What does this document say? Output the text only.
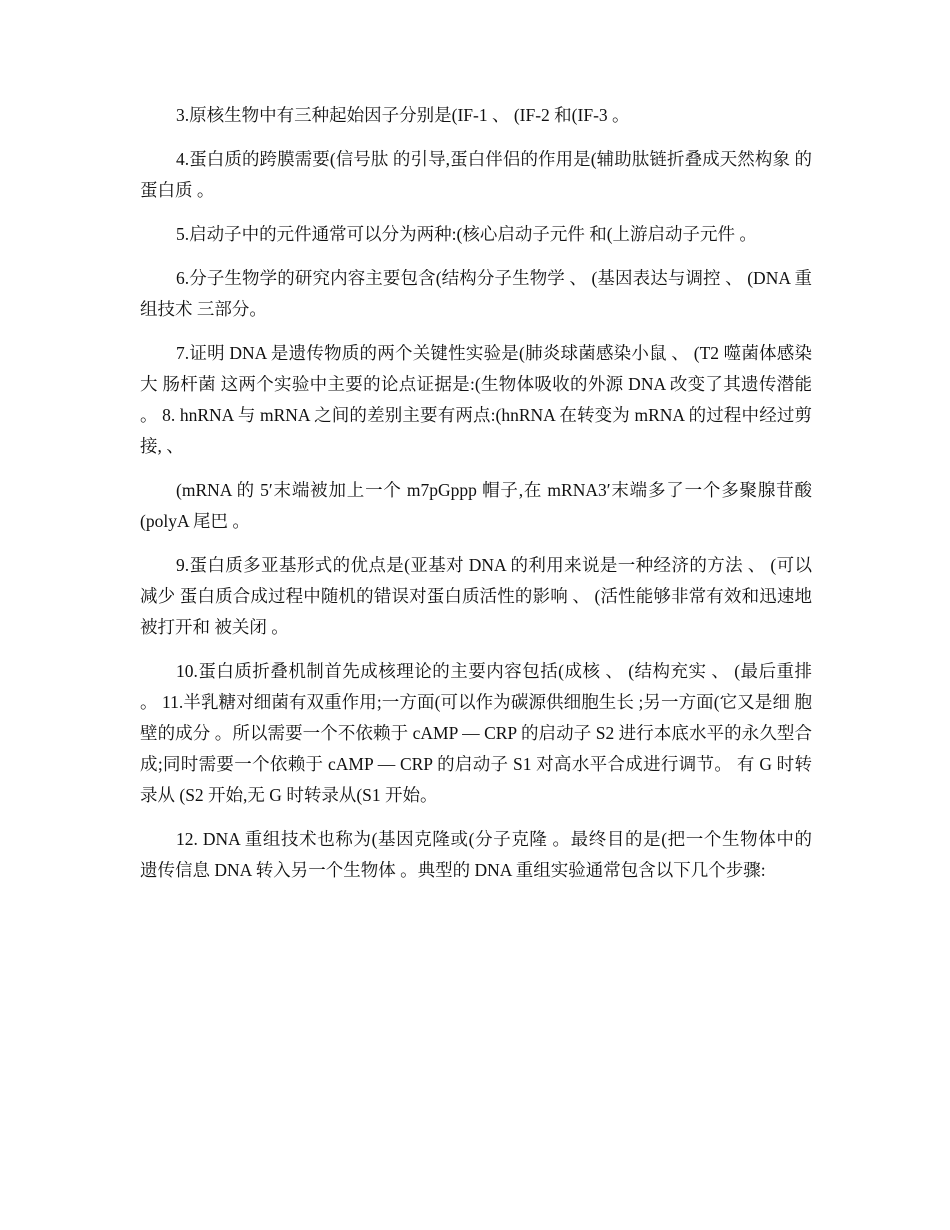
3.原核生物中有三种起始因子分别是(IF-1 、 (IF-2 和(IF-3 。

4.蛋白质的跨膜需要(信号肽 的引导,蛋白伴侣的作用是(辅助肽链折叠成天然构象 的蛋白质 。

5.启动子中的元件通常可以分为两种:(核心启动子元件 和(上游启动子元件 。

6.分子生物学的研究内容主要包含(结构分子生物学 、 (基因表达与调控 、 (DNA 重 组技术 三部分。

7.证明 DNA 是遗传物质的两个关键性实验是(肺炎球菌感染小鼠 、 (T2 噬菌体感染大 肠杆菌 这两个实验中主要的论点证据是:(生物体吸收的外源 DNA 改变了其遗传潜能 。 8. hnRNA 与 mRNA 之间的差别主要有两点:(hnRNA 在转变为 mRNA 的过程中经过剪 接, 、

(mRNA 的 5′末端被加上一个 m7pGppp 帽子,在 mRNA3′末端多了一个多聚腺苷酸 (polyA 尾巴 。

9.蛋白质多亚基形式的优点是(亚基对 DNA 的利用来说是一种经济的方法 、 (可以减少 蛋白质合成过程中随机的错误对蛋白质活性的影响 、 (活性能够非常有效和迅速地被打开和 被关闭 。

10.蛋白质折叠机制首先成核理论的主要内容包括(成核 、 (结构充实 、 (最后重排 。 11.半乳糖对细菌有双重作用;一方面(可以作为碳源供细胞生长 ;另一方面(它又是细 胞壁的成分 。所以需要一个不依赖于 cAMP — CRP 的启动子 S2 进行本底水平的永久型合 成;同时需要一个依赖于 cAMP — CRP 的启动子 S1 对高水平合成进行调节。 有 G 时转录从 (S2 开始,无 G 时转录从(S1 开始。

12. DNA 重组技术也称为(基因克隆或(分子克隆 。最终目的是(把一个生物体中的 遗传信息 DNA 转入另一个生物体 。典型的 DNA 重组实验通常包含以下几个步骤:
